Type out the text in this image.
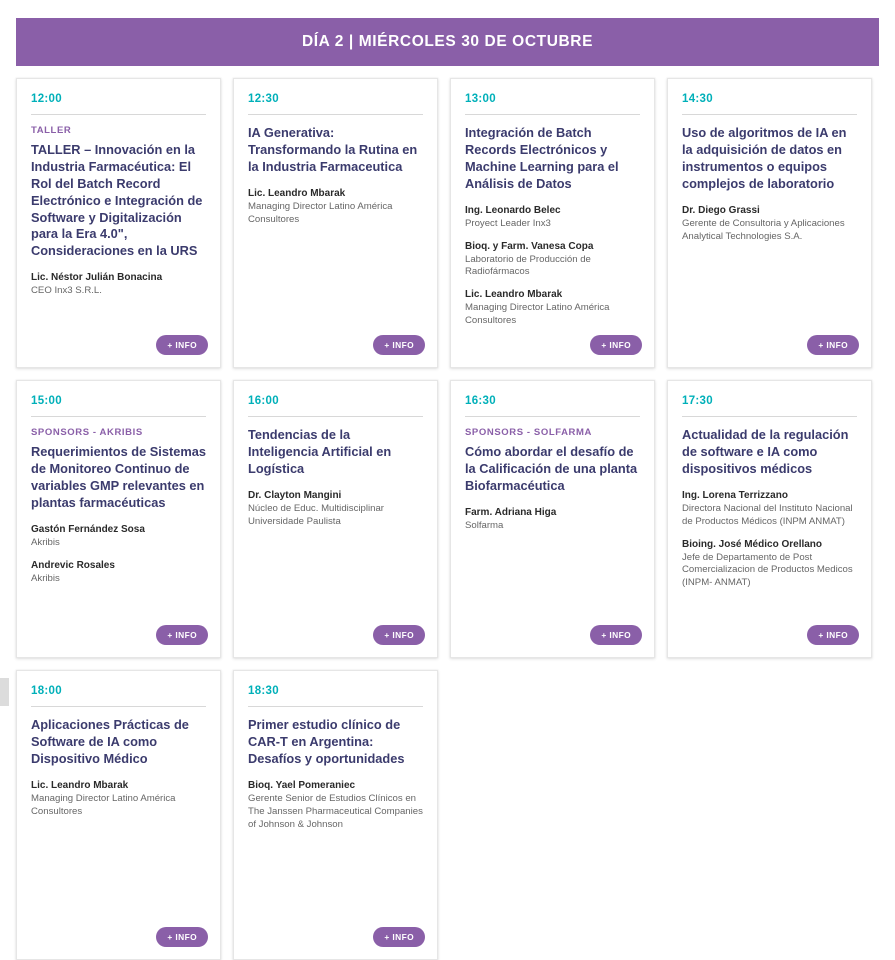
DÍA 2 | MIÉRCOLES 30 DE OCTUBRE
12:00
TALLER
TALLER – Innovación en la Industria Farmacéutica: El Rol del Batch Record Electrónico e Integración de Software y Digitalización para la Era 4.0", Consideraciones en la URS
Lic. Néstor Julián Bonacina
CEO Inx3 S.R.L.
+ INFO
12:30
IA Generativa: Transformando la Rutina en la Industria Farmaceutica
Lic. Leandro Mbarak
Managing Director Latino América Consultores
+ INFO
13:00
Integración de Batch Records Electrónicos y Machine Learning para el Análisis de Datos
Ing. Leonardo Belec
Proyect Leader Inx3
Bioq. y Farm. Vanesa Copa
Laboratorio de Producción de Radiofármacos
Lic. Leandro Mbarak
Managing Director Latino América Consultores
+ INFO
14:30
Uso de algoritmos de IA en la adquisición de datos en instrumentos o equipos complejos de laboratorio
Dr. Diego Grassi
Gerente de Consultoria y Aplicaciones Analytical Technologies S.A.
+ INFO
15:00
SPONSORS - AKRIBIS
Requerimientos de Sistemas de Monitoreo Continuo de variables GMP relevantes en plantas farmacéuticas
Gastón Fernández Sosa
Akribis
Andrevic Rosales
Akribis
+ INFO
16:00
Tendencias de la Inteligencia Artificial en Logística
Dr. Clayton Mangini
Núcleo de Educ. Multidisciplinar Universidade Paulista
+ INFO
16:30
SPONSORS - SOLFARMA
Cómo abordar el desafío de la Calificación de una planta Biofarmacéutica
Farm. Adriana Higa
Solfarma
+ INFO
17:30
Actualidad de la regulación de software e IA como dispositivos médicos
Ing. Lorena Terrizzano
Directora Nacional del Instituto Nacional de Productos Médicos (INPM ANMAT)
Bioing. José Médico Orellano
Jefe de Departamento de Post Comercializacion de Productos Medicos (INPM- ANMAT)
+ INFO
18:00
Aplicaciones Prácticas de Software de IA como Dispositivo Médico
Lic. Leandro Mbarak
Managing Director Latino América Consultores
+ INFO
18:30
Primer estudio clínico de CAR-T en Argentina: Desafíos y oportunidades
Bioq. Yael Pomeraniec
Gerente Senior de Estudios Clínicos en The Janssen Pharmaceutical Companies of Johnson & Johnson
+ INFO
